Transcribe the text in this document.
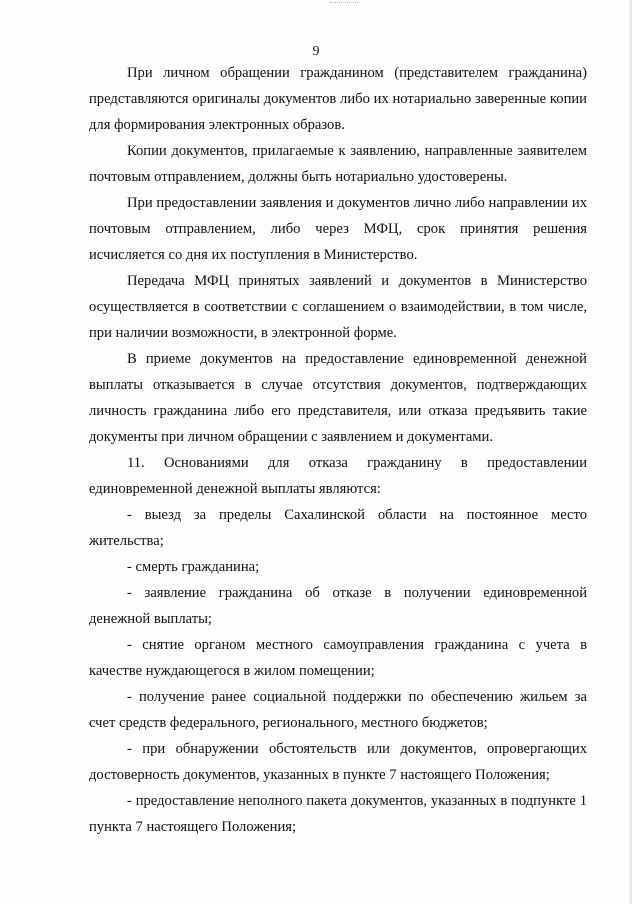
9

При личном обращении гражданином (представителем гражданина) представляются оригиналы документов либо их нотариально заверенные копии для формирования электронных образов.

Копии документов, прилагаемые к заявлению, направленные заявителем почтовым отправлением, должны быть нотариально удостоверены.

При предоставлении заявления и документов лично либо направлении их почтовым отправлением, либо через МФЦ, срок принятия решения исчисляется со дня их поступления в Министерство.

Передача МФЦ принятых заявлений и документов в Министерство осуществляется в соответствии с соглашением о взаимодействии, в том числе, при наличии возможности, в электронной форме.

В приеме документов на предоставление единовременной денежной выплаты отказывается в случае отсутствия документов, подтверждающих личность гражданина либо его представителя, или отказа предъявить такие документы при личном обращении с заявлением и документами.

11. Основаниями для отказа гражданину в предоставлении единовременной денежной выплаты являются:

- выезд за пределы Сахалинской области на постоянное место жительства;

- смерть гражданина;

- заявление гражданина об отказе в получении единовременной денежной выплаты;

- снятие органом местного самоуправления гражданина с учета в качестве нуждающегося в жилом помещении;

- получение ранее социальной поддержки по обеспечению жильем за счет средств федерального, регионального, местного бюджетов;

- при обнаружении обстоятельств или документов, опровергающих достоверность документов, указанных в пункте 7 настоящего Положения;

- предоставление неполного пакета документов, указанных в подпункте 1 пункта 7 настоящего Положения;
